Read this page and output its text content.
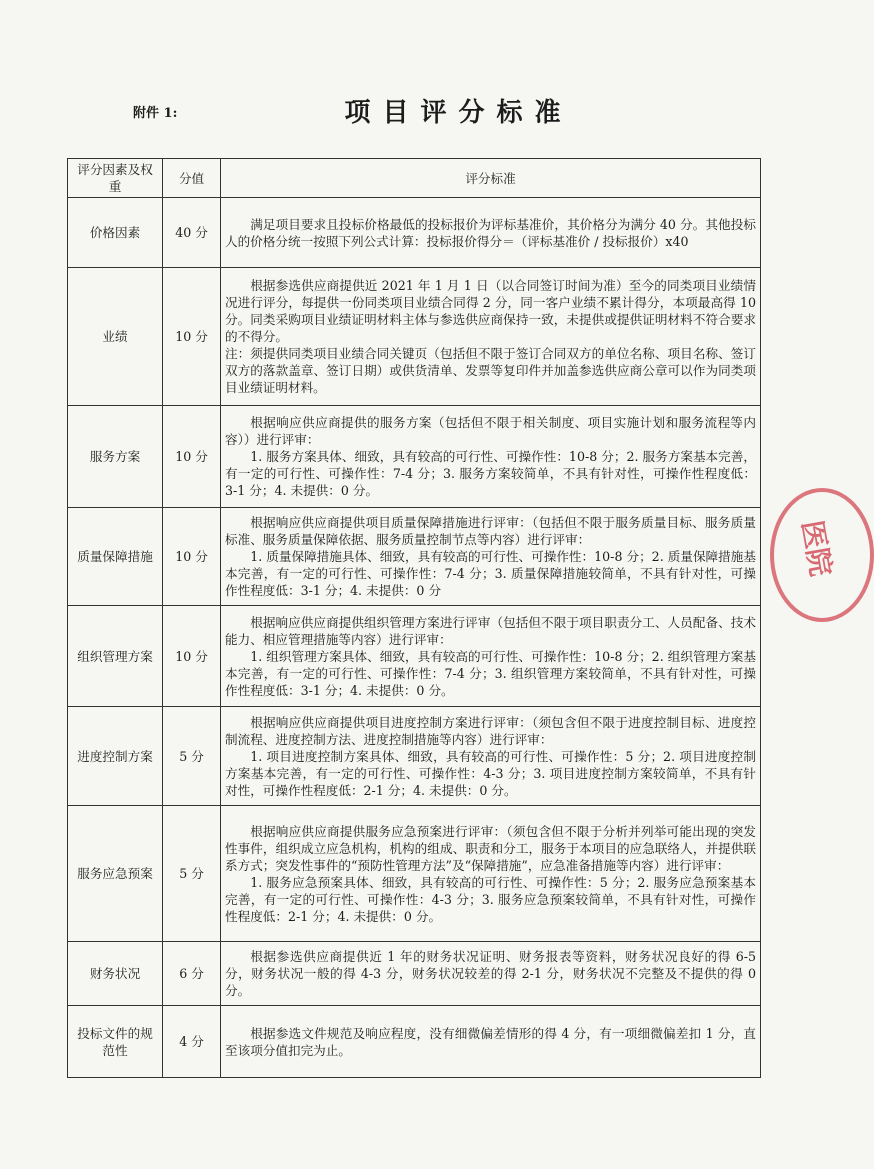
附件 1:	项目评分标准
评分因素及权重	分值	评分标准
价格因素	40 分	满足项目要求且投标价格最低的投标报价为评标基准价，其价格分为满分 40 分。其他投标人的价格分统一按照下列公式计算：投标报价得分＝（评标基准价 / 投标报价）x40

业绩	10 分	根据参选供应商提供近 2021 年 1 月 1 日（以合同签订时间为准）至今的同类项目业绩情况进行评分，每提供一份同类项目业绩合同得 2 分，同一客户业绩不累计得分，本项最高得 10 分。同类采购项目业绩证明材料主体与参选供应商保持一致，未提供或提供证明材料不符合要求的不得分。

注：须提供同类项目业绩合同关键页（包括但不限于签订合同双方的单位名称、项目名称、签订双方的落款盖章、签订日期）或供货清单、发票等复印件并加盖参选供应商公章可以作为同类项目业绩证明材料。

服务方案	10 分	根据响应供应商提供的服务方案（包括但不限于相关制度、项目实施计划和服务流程等内容））进行评审：

1. 服务方案具体、细致，具有较高的可行性、可操作性：10-8 分；2. 服务方案基本完善，有一定的可行性、可操作性：7-4 分；3. 服务方案较简单，不具有针对性，可操作性程度低：3-1 分；4. 未提供：0 分。

质量保障措施	10 分	根据响应供应商提供项目质量保障措施进行评审：（包括但不限于服务质量目标、服务质量标准、服务质量保障依据、服务质量控制节点等内容）进行评审：

1. 质量保障措施具体、细致，具有较高的可行性、可操作性：10-8 分；2. 质量保障措施基本完善，有一定的可行性、可操作性：7-4 分；3. 质量保障措施较简单，不具有针对性，可操作性程度低：3-1 分；4. 未提供：0 分

组织管理方案	10 分	根据响应供应商提供组织管理方案进行评审（包括但不限于项目职责分工、人员配备、技术能力、相应管理措施等内容）进行评审：

1. 组织管理方案具体、细致，具有较高的可行性、可操作性：10-8 分；2. 组织管理方案基本完善，有一定的可行性、可操作性：7-4 分；3. 组织管理方案较简单，不具有针对性，可操作性程度低：3-1 分；4. 未提供：0 分。

进度控制方案	5 分	根据响应供应商提供项目进度控制方案进行评审：（须包含但不限于进度控制目标、进度控制流程、进度控制方法、进度控制措施等内容）进行评审：

1. 项目进度控制方案具体、细致，具有较高的可行性、可操作性：5 分；2. 项目进度控制方案基本完善，有一定的可行性、可操作性：4-3 分；3. 项目进度控制方案较简单，不具有针对性，可操作性程度低：2-1 分；4. 未提供：0 分。

服务应急预案	5 分	根据响应供应商提供服务应急预案进行评审：（须包含但不限于分析并列举可能出现的突发性事件，组织成立应急机构，机构的组成、职责和分工，服务于本项目的应急联络人，并提供联系方式；突发性事件的“预防性管理方法”及“保障措施”，应急准备措施等内容）进行评审：

1. 服务应急预案具体、细致，具有较高的可行性、可操作性：5 分；2. 服务应急预案基本完善，有一定的可行性、可操作性：4-3 分；3. 服务应急预案较简单，不具有针对性，可操作性程度低：2-1 分；4. 未提供：0 分。

财务状况	6 分	根据参选供应商提供近 1 年的财务状况证明、财务报表等资料，财务状况良好的得 6-5 分，财务状况一般的得 4-3 分，财务状况较差的得 2-1 分，财务状况不完整及不提供的得 0 分。

投标文件的规范性	4 分	根据参选文件规范及响应程度，没有细微偏差情形的得 4 分，有一项细微偏差扣 1 分，直至该项分值扣完为止。

医院
